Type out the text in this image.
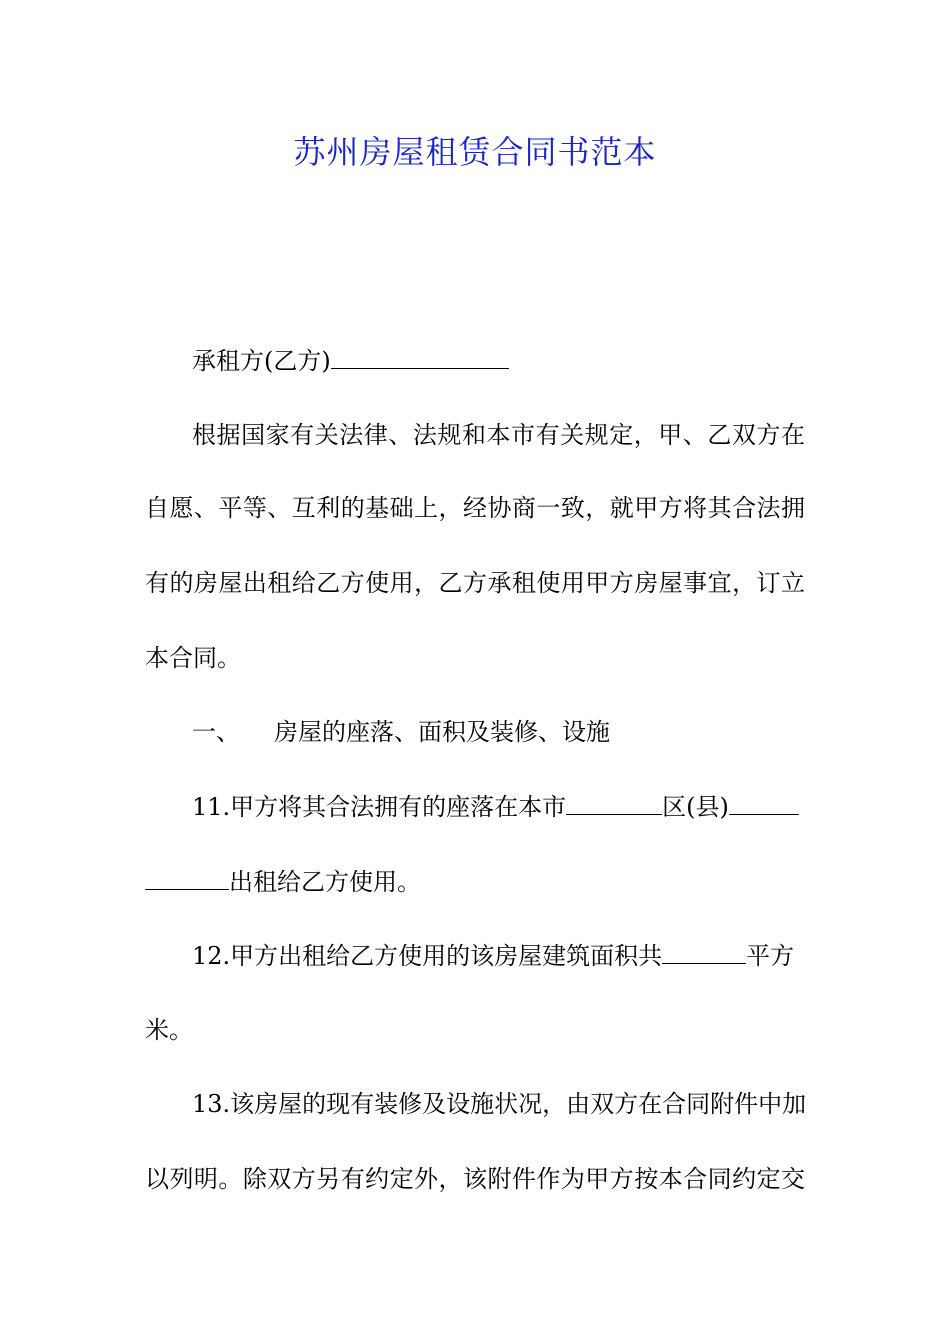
苏州房屋租赁合同书范本
承租方(乙方)
根据国家有关法律、法规和本市有关规定，甲、乙双方在
自愿、平等、互利的基础上，经协商一致，就甲方将其合法拥
有的房屋出租给乙方使用，乙方承租使用甲方房屋事宜，订立
本合同。
一、 房屋的座落、面积及装修、设施
11.甲方将其合法拥有的座落在本市	区(县)
出租给乙方使用。
12.甲方出租给乙方使用的该房屋建筑面积共	平方
米。
13.该房屋的现有装修及设施状况，由双方在合同附件中加
以列明。除双方另有约定外，该附件作为甲方按本合同约定交
